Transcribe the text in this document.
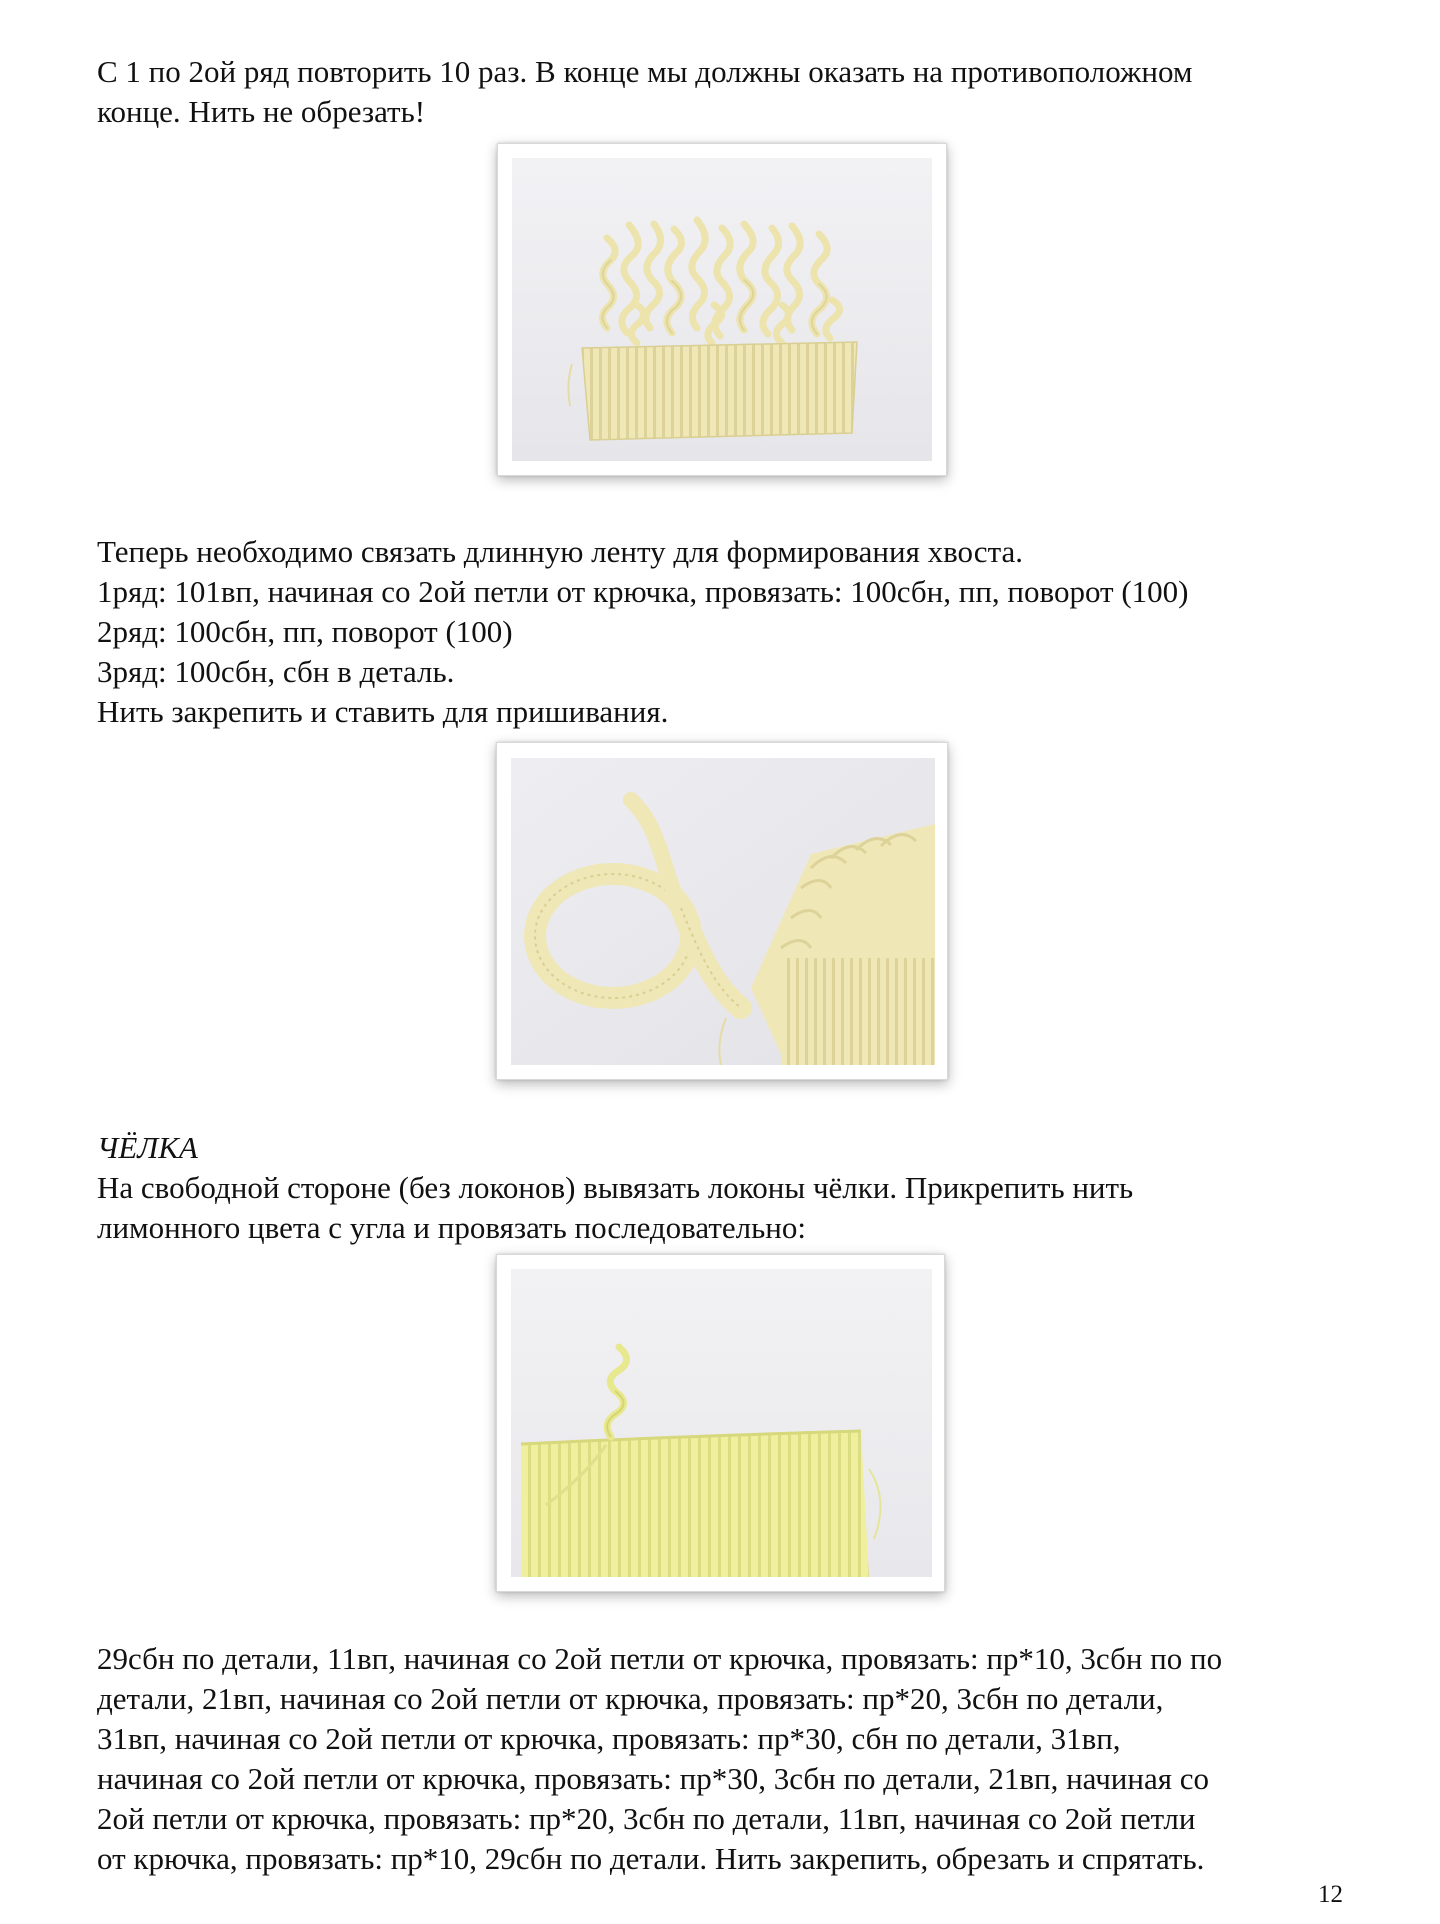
С 1 по 2ой ряд повторить 10 раз. В конце мы должны оказать на противоположном
конце. Нить не обрезать!
Теперь необходимо связать длинную ленту для формирования хвоста.
1ряд: 101вп, начиная со 2ой петли от крючка, провязать: 100сбн, пп, поворот (100)
2ряд: 100сбн, пп, поворот (100)
3ряд: 100сбн, сбн в деталь.
Нить закрепить и ставить для пришивания.
ЧЁЛКА
На свободной стороне (без локонов) вывязать локоны чёлки. Прикрепить нить
лимонного цвета с угла и провязать последовательно:
29сбн по детали, 11вп, начиная со 2ой петли от крючка, провязать: пр*10, 3сбн по по
детали, 21вп, начиная со 2ой петли от крючка, провязать: пр*20, 3сбн по детали,
31вп, начиная со 2ой петли от крючка, провязать: пр*30, сбн по детали, 31вп,
начиная со 2ой петли от крючка, провязать: пр*30, 3сбн по детали, 21вп, начиная со
2ой петли от крючка, провязать: пр*20, 3сбн по детали, 11вп, начиная со 2ой петли
от крючка, провязать: пр*10, 29сбн по детали. Нить закрепить, обрезать и спрятать.
12
